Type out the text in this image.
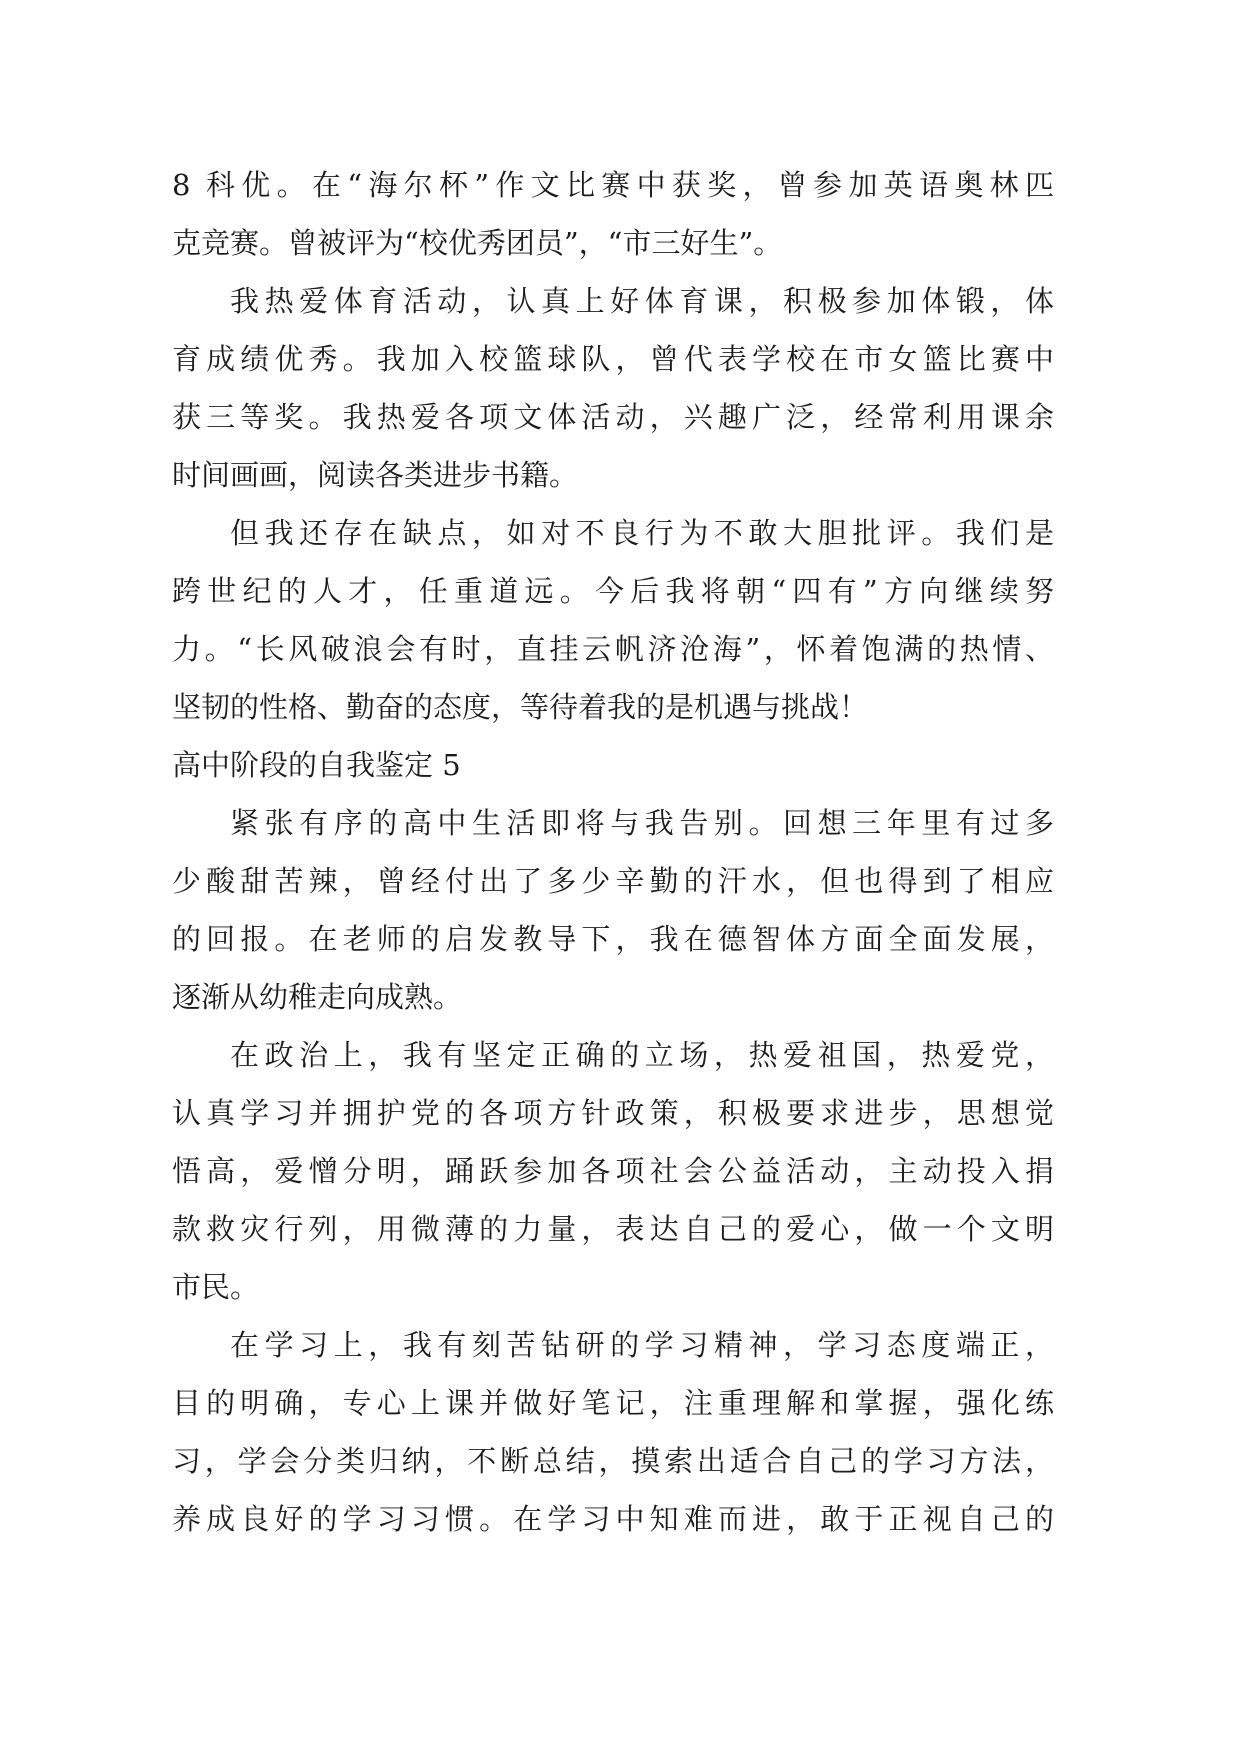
8 科优。在“海尔杯”作文比赛中获奖，曾参加英语奥林匹
克竞赛。曾被评为“校优秀团员”，“市三好生”。
我热爱体育活动，认真上好体育课，积极参加体锻，体
育成绩优秀。我加入校篮球队，曾代表学校在市女篮比赛中
获三等奖。我热爱各项文体活动，兴趣广泛，经常利用课余
时间画画，阅读各类进步书籍。
但我还存在缺点，如对不良行为不敢大胆批评。我们是
跨世纪的人才，任重道远。今后我将朝“四有”方向继续努
力。“长风破浪会有时，直挂云帆济沧海”，怀着饱满的热情、
坚韧的性格、勤奋的态度，等待着我的是机遇与挑战！
高中阶段的自我鉴定 5
紧张有序的高中生活即将与我告别。回想三年里有过多
少酸甜苦辣，曾经付出了多少辛勤的汗水，但也得到了相应
的回报。在老师的启发教导下，我在德智体方面全面发展，
逐渐从幼稚走向成熟。
在政治上，我有坚定正确的立场，热爱祖国，热爱党，
认真学习并拥护党的各项方针政策，积极要求进步，思想觉
悟高，爱憎分明，踊跃参加各项社会公益活动，主动投入捐
款救灾行列，用微薄的力量，表达自己的爱心，做一个文明
市民。
在学习上，我有刻苦钻研的学习精神，学习态度端正，
目的明确，专心上课并做好笔记，注重理解和掌握，强化练
习，学会分类归纳，不断总结，摸索出适合自己的学习方法，
养成良好的学习习惯。在学习中知难而进，敢于正视自己的
